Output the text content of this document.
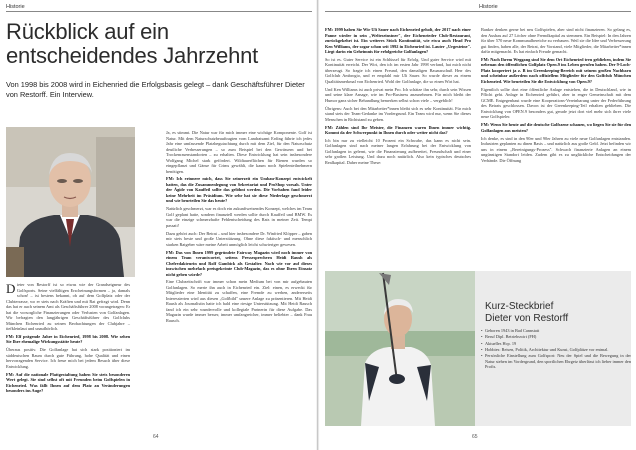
Historie
Rückblick auf ein entscheidendes Jahrzehnt

Von 1998 bis 2008 wird in Eichenried die Erfolgsbasis gelegt – dank Geschäftsführer Dieter von Restorff. Ein Interview.

Dieter von Restorff ist so etwas wie der Grandseigneur des Golfsports. Seine vielfältigen Erscheinungsformen – ja, damals schon! – ist bestens bekannt, ob auf dem Golfplatz oder der Clubterrasse, wo er stets nach Kräften und mit Rat gefragt wird. Denn das hat er auch seinem Amt als Geschäftsführer 2008 vorangetragen: Er hat die vorsorgliche Finanzierungen oder Verlusten von Golfanlagen. Wir befragten den langjährigen Geschäftsführer des Golfclubs München Eichenried zu seinen Beobachtungen der Clubjahre – tiefkleinlaut und unaufhörlich.

FM: Elf prägende Jahre in Eichenried, 1998 bis 2008. Wie sehen Sie Ihre ehemalige Wirkungsstätte heute?

Überaus positiv. Die Golfanlage hat sich stark positioniert im süddeutschen Raum durch gute Führung, hohe Qualität und einen hervorragenden Service. Ich freue mich bei jedem Besuch über diese Entwicklung.

FM: Auf die nationale Plattgestaltung haben Sie stets besonderen Wert gelegt. Sie sind selbst oft mit Freunden beim Golfspielen in Eichenried. Was fällt Ihnen auf dem Platz an Veränderungen besonders ins Auge?

Ja, es stimmt. Die Natur war für mich immer eine wichtige Komponente. Golf ist Natur. Mit dem Naturschutzbeauftragten vom Landratsamt Erding führte ich jedes Jahr eine umfassende Platzbegutachtung durch mit dem Ziel, für den Naturschutz deutliche Verbesserungen – so zum Beispiel bei den Gewässern und bei Trockenrasenstandorten – zu erhalten. Diese Entwicklung hat sein insbesondere Wolfgang Michel stark gefördert. Wildtauerflächen für Bienen wurden so eingepflanzt und Gänse für Crims gewählt, die kaum noch Spielenteilnehmern benötigen.

FM: Ich erinnere mich, dass Sie seinerzeit ein Umbau-Konzept entwickelt hatten, das die Zusammenlegung von Sekretariat und ProShop vorsah. Unter der Ägide von Kauffeil sollte das gelöhnt werden. Die Vorhaben fand leider keine Mehrheit im Präsidium. Wie sehr hat sie diese Niederlage geschmerzt und wie beurteilen Sie das heute?

Natürlich geschmerzt, war es doch ein zukunftweisendes Konzept, welches im Team Golf geplant hatte, sondern finanziell werden sollte durch Kauffeil und BMW. Es war die einzige schmerzhafte Fehlentscheidung des Rats in meiner Zeit. Tempi passati!

Dazu gehört auch: Der Beirat – und hier insbesondere Dr. Winfried Klöpper – gaben mir stets beste und große Unterstützung. Ohne diese faktisch- und menschlich starken Ratgeber wäre meine Arbeit unmöglich leicht schwieriger gewesen.

FM: Das von Ihnen 1999 gegründete Fairway Magazin wird noch immer von einem Team verantwortet, seitens Pressesprechern Heidi Raush als Chefredakteurin und Rolf Gambick als Gestalter. Nach wie vor auf dieses inzwischen mehrfach preisgekrönte Club-Magazin, das es ohne Ihren Einsatz nicht geben würde?

Eine Clubzeitschrift war immer schon mein Medium bei von mir aufgebauten Golfanlagen. So merte ihn auch in Eichenried ein. Ziel: einen, es erweckt für Mitglieder eine Identität zu schaffen, eine Fremde zu werben, andererseits Interessierten wird aus diesen „Golfbild" unsere Anlage zu präsentieren. Mit Heidi Raush als Journalistin hatte ich bald eine riesige Unterstützung. Mit Heidi Rausch fand ich ein sehr wundervolle und kollegiale Partnerin für diese Aufgabe. Das Magazin wurde immer besser, immer umfangreicher, immer beliebter – dank Frau Rausch.

64
Historie

FM: 1999 haben Sie Wir Uli Sauer nach Eichenried geholt, der 2017 nach einer Panne wieder in sein „Welteseinstner", der Eichenrieder Club-Restaurant, zurückgekehrt ist. Ein weiteres Stück Kontinuität, wie etwa auch Head Pro Ken Williams, der sogar schon seit 1992 in Eichenried ist. Lauter „Urgesteine". Liegt darin ein Geheimnis für erfolgreiche Golfanlagen?

So ist es. Guter Service ist ein Schlüssel für Erfolg. Und guter Service wird mit Kontinuität erreicht. Der Wirt, den ich im ersten Jahr 1998 verfand, hat mich nicht überzeugt. So fragte ich einen Freund, den damaligen Bauausschuß Herr des Golfclub Ambrogio, und er empfahl mir Uli Sauer. So wurde dieser zu einem Qualitätsmerkmal von Eichenried. Wohl der Golfanlage, die so einen Wirt hat.

Und Ken Williams ist auch privat mein Pro. Ich schätze ihn sehr, durch sein Wissen und seine klare Ansage, wie im Pro-Business anzunehmen. Für mich bleibt der Humor ganz sicher Behandlung bemerken selbst schon viele – vergeblich!

Übrigens: Auch bei den Mitarbeiter*innen bleibt sich es sehr Kontinuität. Für mich stand stets der Team-Gedanke im Vordergrund. Ein Team wird nur, wenn Sie dieses Menschen in Richtstand zu geben.

FM: Zählen sind Ihr Meister, die Finanzen waren Ihnen immer wichtig. Kommt da der Schwerpunkt in Ihnen durch oder weiter nicht das?

Ich bin nur zu vielleicht 10 Prozent ein Schwabe, das kann es nicht sein. Golfanlagen sind nach meiner langen Erfahrung bei der Entwicklung von Golfanlagen in gelernt, wie die Finanzierung aufbereitet, Freundschaft und einer sehr großen Leistung. Und dazu noch natürlich. Also kein typisches deutsches Realkapital. Daher meine These:

Banker denken gerne bei neu Golfspielen, aber sind nicht finanzieren. So gelang es, den Ausbau auf 27 Löcher ohne Fremdkapital zu stemmen. Ein Beispiel: In den Jahren für über 570 neue Kommunalbereiche zu verbauen. Weil sie die Idee und Verbesserung gut finden, haben alle, der Beirat, der Vorstand, viele Mitglieder, die Mitarbeiter*innen dafür mitgemacht. Es hat einfach Freude gemacht.

FM: Nach Ihrem Weggang sind Sie dem Ort Eichenried treu geblieben, indem Sie nebenan den öffentlichen Golfplatz Open.9 ins Leben gerufen haben. Der 9-Loch-Platz kooperiert ja z. B im Greenkeeping-Bereich mit seinem großen Nachbarn und scheinbar außerdem nach offiziellem Mitglieder für den Golfclub München Eichenried. Wie beurteilen Sie die Entwicklung von Open.9?

Eigentlich sollte dort eine öffentliche Anlage entstehen, die in Deutschland, wie in Pflicht geht. Anlage in Eichenried geführt, aber in enger Gemeinschaft mit dem GCME. Entgegenbaut wurde eine Kooperations-Vereinbarung unter der Federführung des Beirats geschlossen. Davon ist der Greenkeeping-Teil erhalten geblieben. Die Entwicklung von OPEN.9 besonders gut, gerade jetzt dort viel mehr sich ihrer viele neue Golfspieler.

FM: Wenn Sie heute auf die deutsche Golfszene schauen, wo liegen Sie sie für den Golfanlagen aus meisten?

Ich denke, es sind in den 90er und 90er Jahren zu viele neue Golfanlagen entstanden. Industrien geplanten zu dinen Basis – und natürlich aus große Geld. Jetzt befinden wir uns in einem „Bereinigungs-Prozess". Schwach finanzierte Anlagen an einem ungünstigen Standort leiden. Zudem gibt es zu unglückliche Entscheidungen der Verbände. Die Öffnung

Kurz-Steckbrief
Dieter von Restorff
• Geboren 1943 in Bad Cannstatt
• Beruf Dipl. Betriebswirt (FH)
• Aktuelles Hcp. 19
• Hobbies: Reisen, Politik, Architektur und Kunst, Golfplätze vor entmal.
• Persönliche Einstellung zum Golfsport: Neu der Spiel und die Bewegung in der Natur stehen im Vordergrund, den sportlichen Ehrgeiz überlässt ich lieber immer den Profis.
65
